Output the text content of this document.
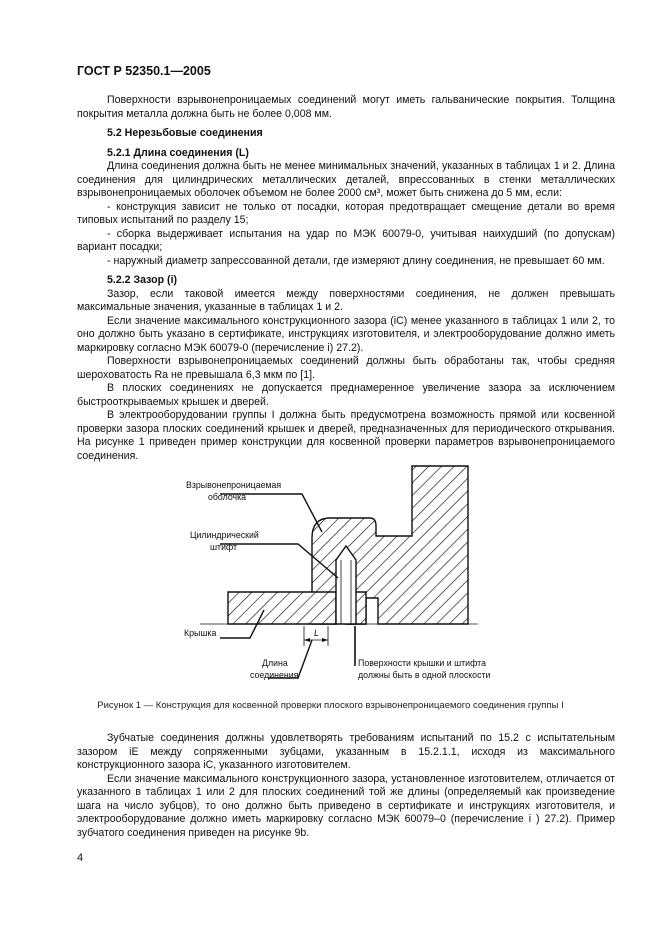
ГОСТ Р 52350.1—2005

Поверхности взрывонепроницаемых соединений могут иметь гальванические покрытия. Толщина покрытия металла должна быть не более 0,008 мм.

5.2 Нерезьбовые соединения

5.2.1 Длина соединения (L)

Длина соединения должна быть не менее минимальных значений, указанных в таблицах 1 и 2. Длина соединения для цилиндрических металлических деталей, впрессованных в стенки металлических взрывонепроницаемых оболочек объемом не более 2000 см³, может быть снижена до 5 мм, если:

- конструкция зависит не только от посадки, которая предотвращает смещение детали во время типовых испытаний по разделу 15;

- сборка выдерживает испытания на удар по МЭК 60079-0, учитывая наихудший (по допускам) вариант посадки;

- наружный диаметр запрессованной детали, где измеряют длину соединения, не превышает 60 мм.

5.2.2 Зазор (i)

Зазор, если таковой имеется между поверхностями соединения, не должен превышать максимальные значения, указанные в таблицах 1 и 2.

Если значение максимального конструкционного зазора (iC) менее указанного в таблицах 1 или 2, то оно должно быть указано в сертификате, инструкциях изготовителя, и электрооборудование должно иметь маркировку согласно МЭК 60079-0 (перечисление i) 27.2).

Поверхности взрывонепроницаемых соединений должны быть обработаны так, чтобы средняя шероховатость Ra не превышала 6,3 мкм по [1].

В плоских соединениях не допускается преднамеренное увеличение зазора за исключением быстрооткрываемых крышек и дверей.

В электрооборудовании группы I должна быть предусмотрена возможность прямой или косвенной проверки зазора плоских соединений крышек и дверей, предназначенных для периодического открывания. На рисунке 1 приведен пример конструкции для косвенной проверки параметров взрывонепроницаемого соединения.

Взрывонепроницаемая
оболочка
Цилиндрический
штифт
Крышка	L
Длина
соединения
Поверхности крышки и штифта
должны быть в одной плоскости
Рисунок 1 — Конструкция для косвенной проверки плоского взрывонепроницаемого соединения группы I

Зубчатые соединения должны удовлетворять требованиям испытаний по 15.2 с испытательным зазором iE между сопряженными зубцами, указанным в 15.2.1.1, исходя из максимального конструкционного зазора iC, указанного изготовителем.

Если значение максимального конструкционного зазора, установленное изготовителем, отличается от указанного в таблицах 1 или 2 для плоских соединений той же длины (определяемый как произведение шага на число зубцов), то оно должно быть приведено в сертификате и инструкциях изготовителя, и электрооборудование должно иметь маркировку согласно МЭК 60079–0 (перечисление i ) 27.2). Пример зубчатого соединения приведен на рисунке 9b.

4
